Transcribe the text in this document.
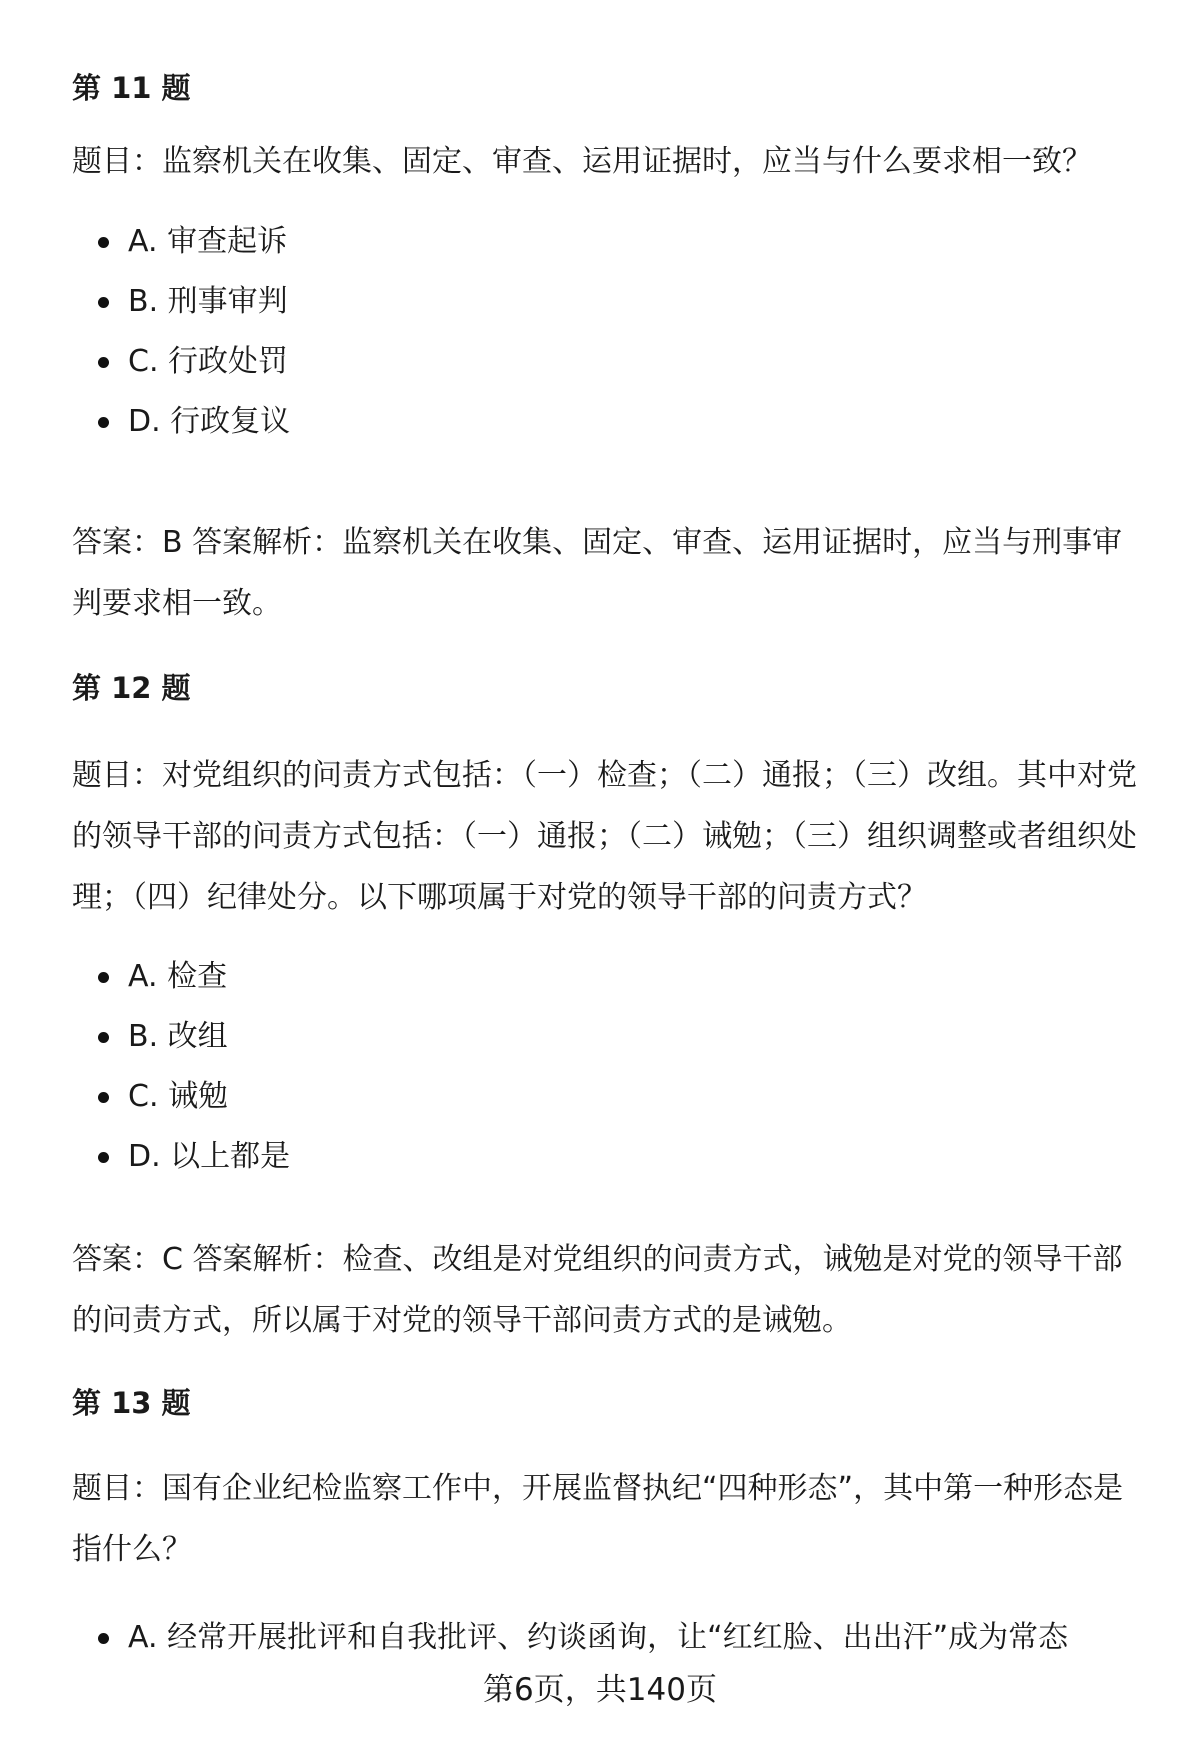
第 11 题

题目：监察机关在收集、固定、审查、运用证据时，应当与什么要求相一致？

A. 审查起诉
B. 刑事审判
C. 行政处罚
D. 行政复议

答案：B 答案解析：监察机关在收集、固定、审查、运用证据时，应当与刑事审判要求相一致。

第 12 题

题目：对党组织的问责方式包括：（一）检查；（二）通报；（三）改组。其中对党的领导干部的问责方式包括：（一）通报；（二）诫勉；（三）组织调整或者组织处理；（四）纪律处分。以下哪项属于对党的领导干部的问责方式？

A. 检查
B. 改组
C. 诫勉
D. 以上都是

答案：C 答案解析：检查、改组是对党组织的问责方式，诫勉是对党的领导干部的问责方式，所以属于对党的领导干部问责方式的是诫勉。

第 13 题

题目：国有企业纪检监察工作中，开展监督执纪“四种形态”，其中第一种形态是指什么？

A. 经常开展批评和自我批评、约谈函询，让“红红脸、出出汗”成为常态
第6页，共140页
